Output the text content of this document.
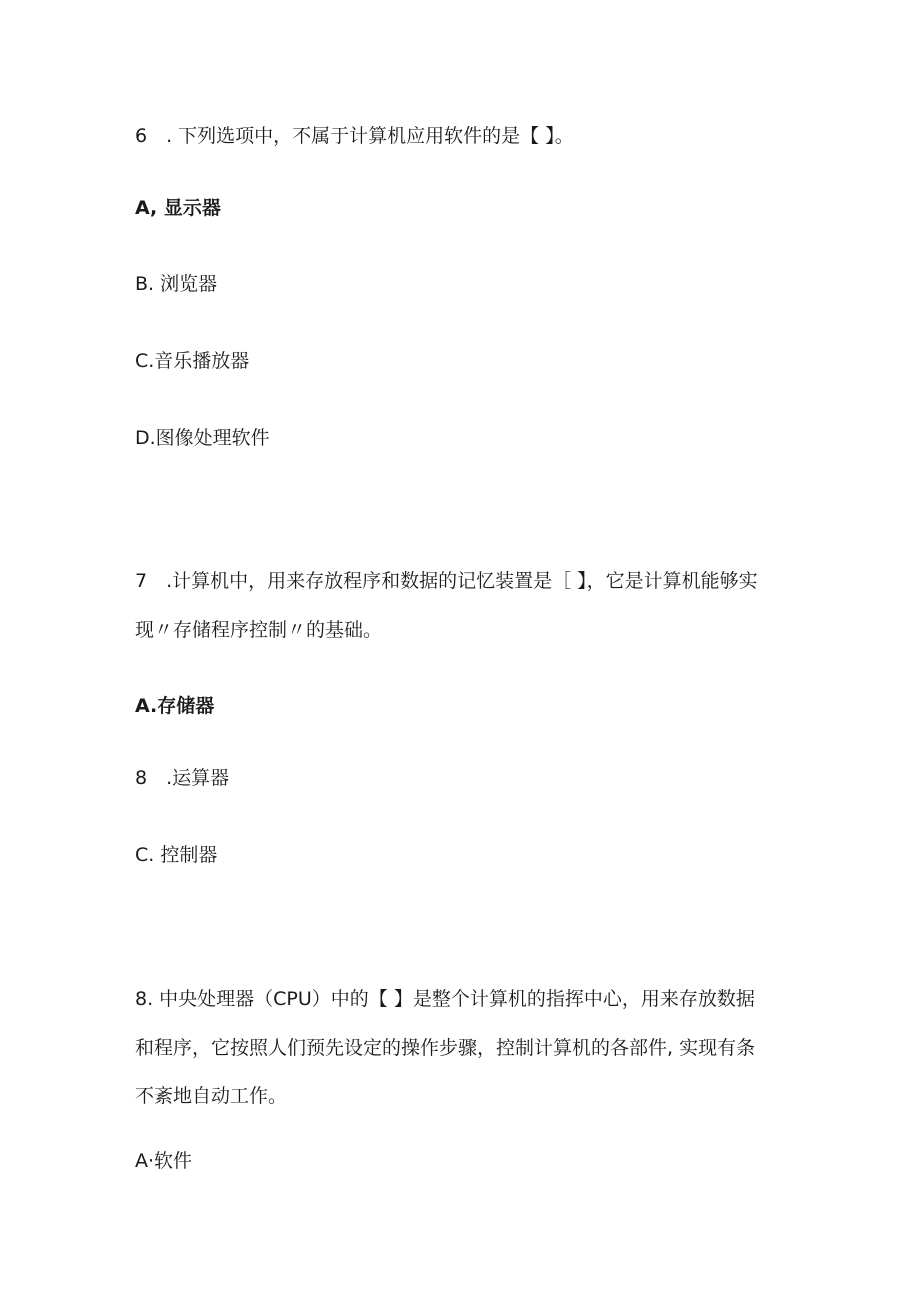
6　. 下列选项中，不属于计算机应用软件的是【 】。
A, 显示器
B. 浏览器
C.音乐播放器
D.图像处理软件
7　.计算机中，用来存放程序和数据的记忆装置是［ 】，它是计算机能够实
现〃存储程序控制〃的基础。
A.存储器
8　.运算器
C. 控制器
8. 中央处理器（CPU）中的【 】是整个计算机的指挥中心，用来存放数据
和程序，它按照人们预先设定的操作步骤，控制计算机的各部件, 实现有条
不紊地自动工作。
A·软件
